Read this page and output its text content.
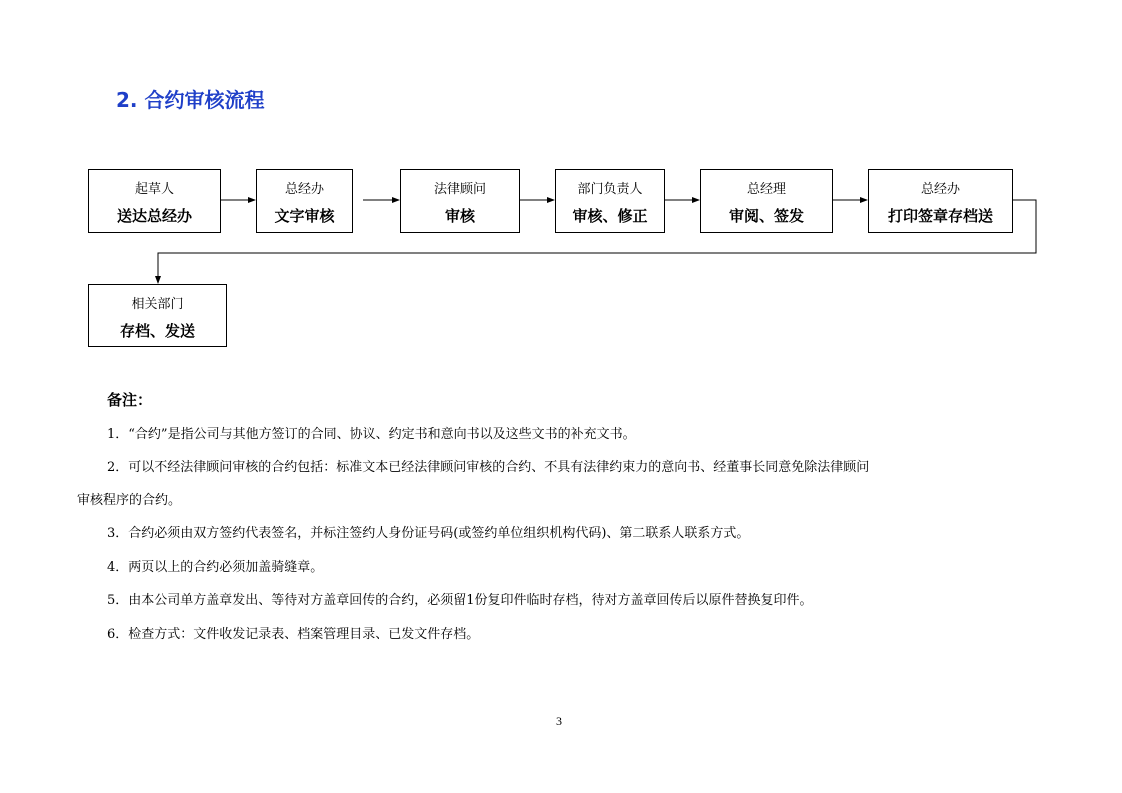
2. 合约审核流程
起草人
送达总经办
总经办
文字审核
法律顾问
审核
部门负责人
审核、修正
总经理
审阅、签发
总经办
打印签章存档送
相关部门
存档、发送
备注：
1．“合约”是指公司与其他方签订的合同、协议、约定书和意向书以及这些文书的补充文书。
2．可以不经法律顾问审核的合约包括：标准文本已经法律顾问审核的合约、不具有法律约束力的意向书、经董事长同意免除法律顾问
审核程序的合约。
3．合约必须由双方签约代表签名，并标注签约人身份证号码(或签约单位组织机构代码)、第二联系人联系方式。
4．两页以上的合约必须加盖骑缝章。
5．由本公司单方盖章发出、等待对方盖章回传的合约，必须留1份复印件临时存档，待对方盖章回传后以原件替换复印件。
6．检查方式：文件收发记录表、档案管理目录、已发文件存档。
3
